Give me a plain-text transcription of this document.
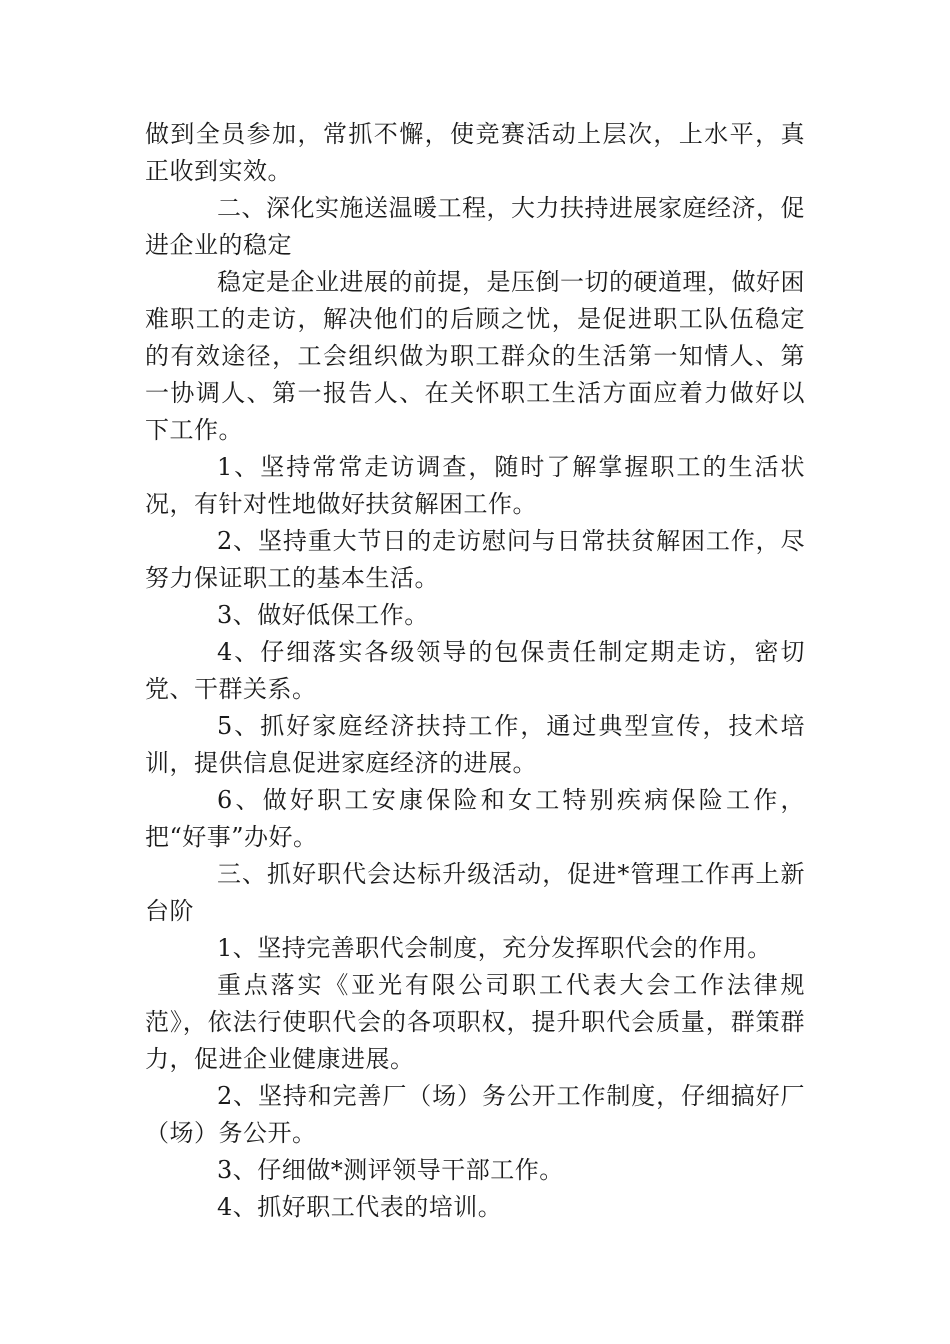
做到全员参加，常抓不懈，使竞赛活动上层次，上水平，真正收到实效。

二、深化实施送温暖工程，大力扶持进展家庭经济，促进企业的稳定

稳定是企业进展的前提，是压倒一切的硬道理，做好困难职工的走访，解决他们的后顾之忧，是促进职工队伍稳定的有效途径，工会组织做为职工群众的生活第一知情人、第一协调人、第一报告人、在关怀职工生活方面应着力做好以下工作。

1、坚持常常走访调查，随时了解掌握职工的生活状况，有针对性地做好扶贫解困工作。

2、坚持重大节日的走访慰问与日常扶贫解困工作，尽努力保证职工的基本生活。

3、做好低保工作。

4、仔细落实各级领导的包保责任制定期走访，密切党、干群关系。

5、抓好家庭经济扶持工作，通过典型宣传，技术培训，提供信息促进家庭经济的进展。

6、做好职工安康保险和女工特别疾病保险工作，把“好事”办好。

三、抓好职代会达标升级活动，促进*管理工作再上新台阶

1、坚持完善职代会制度，充分发挥职代会的作用。

重点落实《亚光有限公司职工代表大会工作法律规范》，依法行使职代会的各项职权，提升职代会质量，群策群力，促进企业健康进展。

2、坚持和完善厂（场）务公开工作制度，仔细搞好厂（场）务公开。

3、仔细做*测评领导干部工作。

4、抓好职工代表的培训。
